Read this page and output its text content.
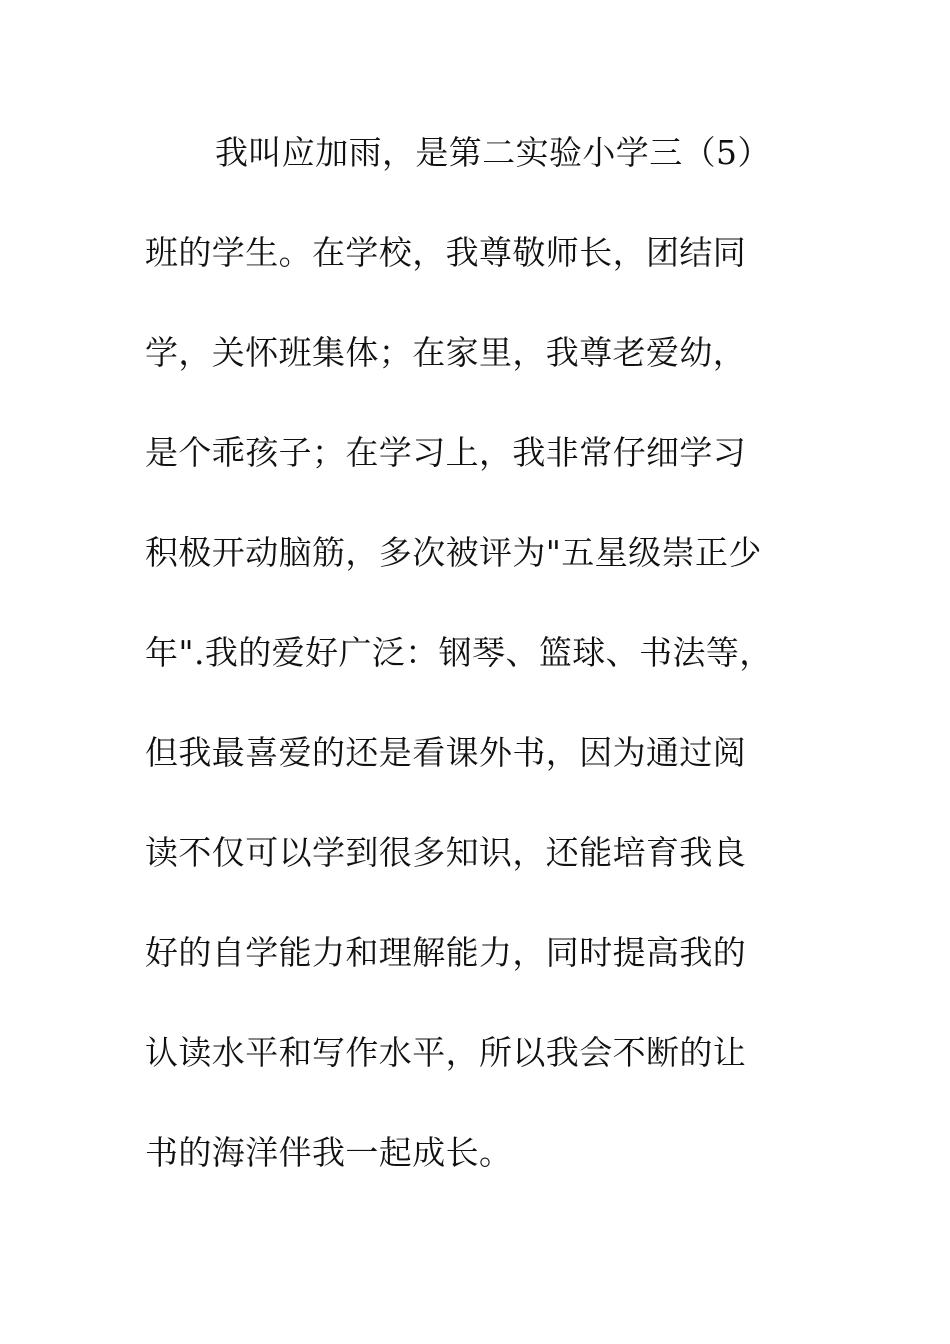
我叫应加雨，是第二实验小学三（5）
班的学生。在学校，我尊敬师长，团结同
学，关怀班集体；在家里，我尊老爱幼，
是个乖孩子；在学习上，我非常仔细学习
积极开动脑筋，多次被评为"五星级崇正少
年".我的爱好广泛：钢琴、篮球、书法等，
但我最喜爱的还是看课外书，因为通过阅
读不仅可以学到很多知识，还能培育我良
好的自学能力和理解能力，同时提高我的
认读水平和写作水平，所以我会不断的让
书的海洋伴我一起成长。
